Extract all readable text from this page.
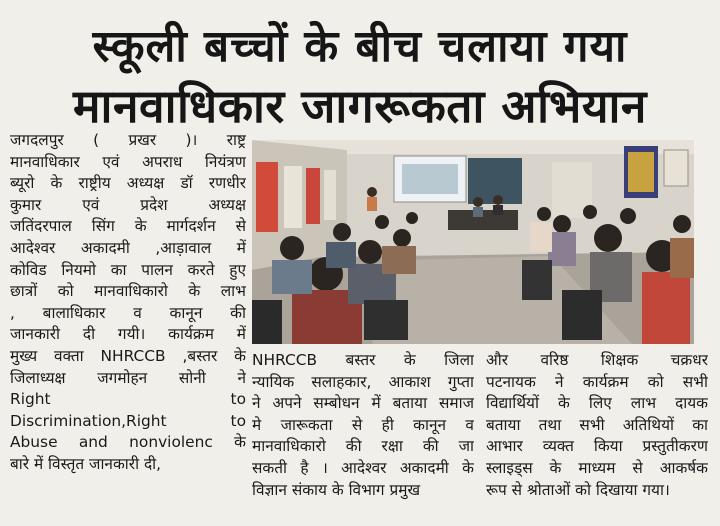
स्कूली बच्चों के बीच चलाया गया
मानवाधिकार जागरूकता अभियान
जगदलपुर ( प्रखर )। राष्ट्र
मानवाधिकार एवं अपराध नियंत्रण
ब्यूरो के राष्ट्रीय अध्यक्ष डॉ रणधीर
कुमार एवं प्रदेश अध्यक्ष
जतिंदरपाल सिंग के मार्गदर्शन से
आदेश्वर अकादमी ,आड़ावाल में
कोविड नियमो का पालन करते हुए
छात्रों को मानवाधिकारो के लाभ
, बालाधिकार व कानून की
जानकारी दी गयी। कार्यक्रम में
मुख्य वक्ता NHRCCB ,बस्तर के
जिलाध्यक्ष जगमोहन सोनी ने
Right to
Discrimination,Right to
Abuse and nonviolenc के
बारे में विस्तृत जानकारी दी,
NHRCCB बस्तर के जिला
न्यायिक सलाहकार, आकाश गुप्ता
ने अपने सम्बोधन में बताया समाज
मे जारूकता से ही कानून व
मानवाधिकारो की रक्षा की जा
सकती है । आदेश्वर अकादमी के
विज्ञान संकाय के विभाग प्रमुख
और वरिष्ठ शिक्षक चक्रधर
पटनायक ने कार्यक्रम को सभी
विद्यार्थियों के लिए लाभ दायक
बताया तथा सभी अतिथियों का
आभार व्यक्त किया प्रस्तुतीकरण
स्लाइड्स के माध्यम से आकर्षक
रूप से श्रोताओं को दिखाया गया।
